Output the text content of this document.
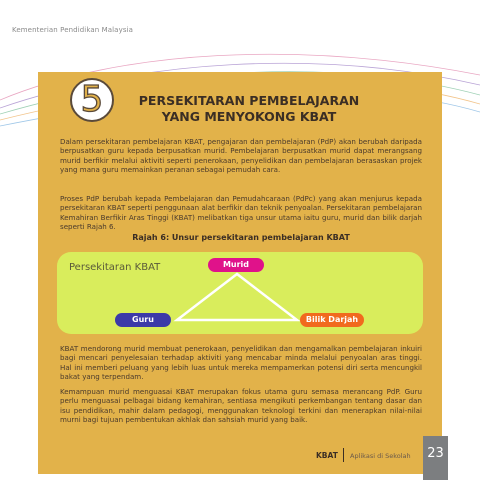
Kementerian Pendidikan Malaysia
5	PERSEKITARAN PEMBELAJARAN
YANG MENYOKONG KBAT
Dalam persekitaran pembelajaran KBAT, pengajaran dan pembelajaran (PdP) akan berubah daripada berpusatkan guru kepada berpusatkan murid. Pembelajaran berpusatkan murid dapat merangsang murid berfikir melalui aktiviti seperti penerokaan, penyelidikan dan pembelajaran berasaskan projek yang mana guru memainkan peranan sebagai pemudah cara.
Proses PdP berubah kepada Pembelajaran dan Pemudahcaraan (PdPc) yang akan menjurus kepada persekitaran KBAT seperti penggunaan alat berfikir dan teknik penyoalan. Persekitaran pembelajaran Kemahiran Berfikir Aras Tinggi (KBAT) melibatkan tiga unsur utama iaitu guru, murid dan bilik darjah seperti Rajah 6.
Rajah 6: Unsur persekitaran pembelajaran KBAT
Persekitaran KBAT	Murid
Guru	Bilik Darjah
KBAT mendorong murid membuat penerokaan, penyelidikan dan mengamalkan pembelajaran inkuiri bagi mencari penyelesaian terhadap aktiviti yang mencabar minda melalui penyoalan aras tinggi. Hal ini memberi peluang yang lebih luas untuk mereka mempamerkan potensi diri serta mencungkil bakat yang terpendam.
Kemampuan murid menguasai KBAT merupakan fokus utama guru semasa merancang PdP. Guru perlu menguasai pelbagai bidang kemahiran, sentiasa mengikuti perkembangan tentang dasar dan isu pendidikan, mahir dalam pedagogi, menggunakan teknologi terkini dan menerapkan nilai-nilai murni bagi tujuan pembentukan akhlak dan sahsiah murid yang baik.
KBAT Aplikasi di Sekolah	23
